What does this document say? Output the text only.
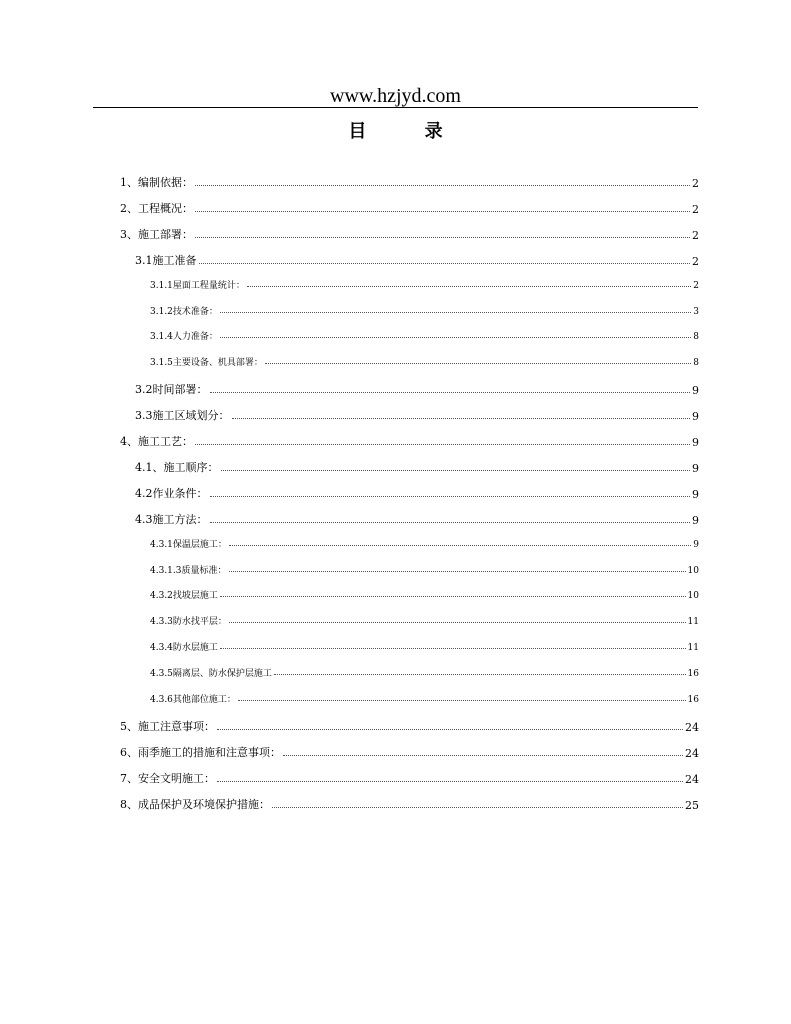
www.hzjyd.com
目 录
1、编制依据：	2
2、工程概况：	2
3、施工部署：	2
3.1施工准备	2
3.1.1屋面工程量统计：	2
3.1.2技术准备：	3
3.1.4人力准备：	8
3.1.5主要设备、机具部署：	8
3.2时间部署：	9
3.3施工区域划分：	9
4、施工工艺：	9
4.1、施工顺序：	9
4.2作业条件：	9
4.3施工方法：	9
4.3.1保温层施工：	9
4.3.1.3质量标准：	10
4.3.2找坡层施工	10
4.3.3防水找平层：	11
4.3.4防水层施工	11
4.3.5隔离层、防水保护层施工	16
4.3.6其他部位施工：	16
5、施工注意事项：	24
6、雨季施工的措施和注意事项：	24
7、安全文明施工：	24
8、成品保护及环境保护措施：	25
